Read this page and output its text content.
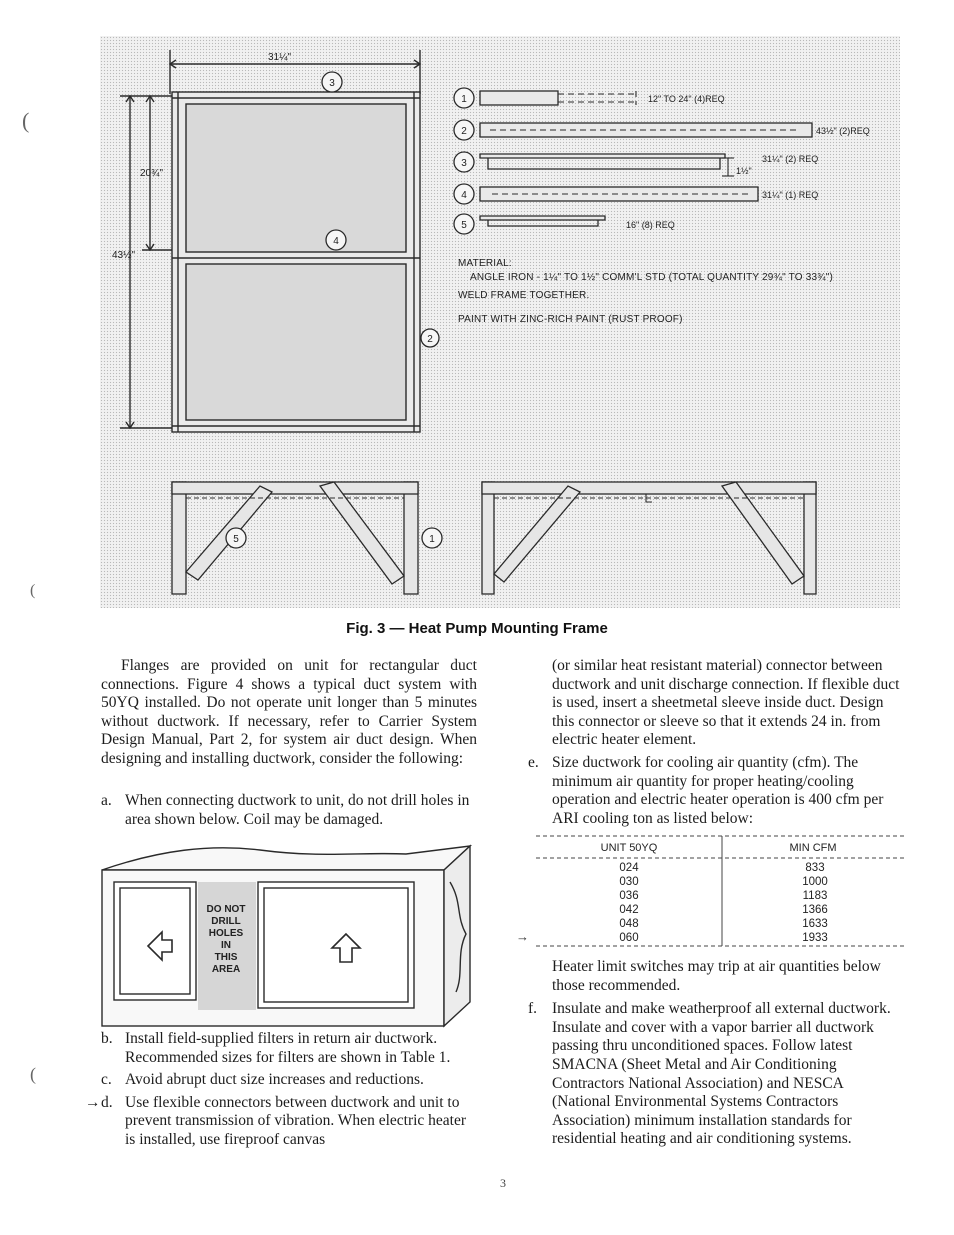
3
4
2
1
2
3
4
5
5	1
31¼"
20¾"
43½"
12" TO 24" (4)REQ
43½" (2)REQ
31¼" (2) REQ
1½"
31¼" (1) REQ
16" (8) REQ
MATERIAL:
ANGLE IRON - 1¼" TO 1½" COMM'L STD (TOTAL QUANTITY 29¾" TO 33¾")
WELD FRAME TOGETHER.
PAINT WITH ZINC-RICH PAINT (RUST PROOF)
Fig. 3 — Heat Pump Mounting Frame
(
(
(

Flanges are provided on unit for rectangular duct connections. Figure 4 shows a typical duct system with 50YQ installed. Do not operate unit longer than 5 minutes without ductwork. If necessary, refer to Carrier System Design Manual, Part 2, for system air duct design. When designing and installing ductwork, consider the following:

a. When connecting ductwork to unit, do not drill holes in area shown below. Coil may be damaged.

DO NOT
DRILL
HOLES
IN
THIS
AREA
b. Install field-supplied filters in return air ductwork. Recommended sizes for filters are shown in Table 1.

c. Avoid abrupt duct size increases and reductions.

→ d. Use flexible connectors between ductwork and unit to prevent transmission of vibration. When electric heater is installed, use fireproof canvas

(or similar heat resistant material) connector between ductwork and unit discharge connection. If flexible duct is used, insert a sheetmetal sleeve inside duct. Design this connector or sleeve so that it extends 24 in. from electric heater element.

e. Size ductwork for cooling air quantity (cfm). The minimum air quantity for proper heating/cooling operation and electric heater operation is 400 cfm per ARI cooling ton as listed below:

UNIT 50YQ	MIN CFM
024	833
030	1000
036	1183
042	1366
048	1633
060	1933
→

Heater limit switches may trip at air quantities below those recommended.

f. Insulate and make weatherproof all external ductwork. Insulate and cover with a vapor barrier all ductwork passing thru unconditioned spaces. Follow latest SMACNA (Sheet Metal and Air Conditioning Contractors National Association) and NESCA (National Environmental Systems Contractors Association) minimum installation standards for residential heating and air conditioning systems.

3
